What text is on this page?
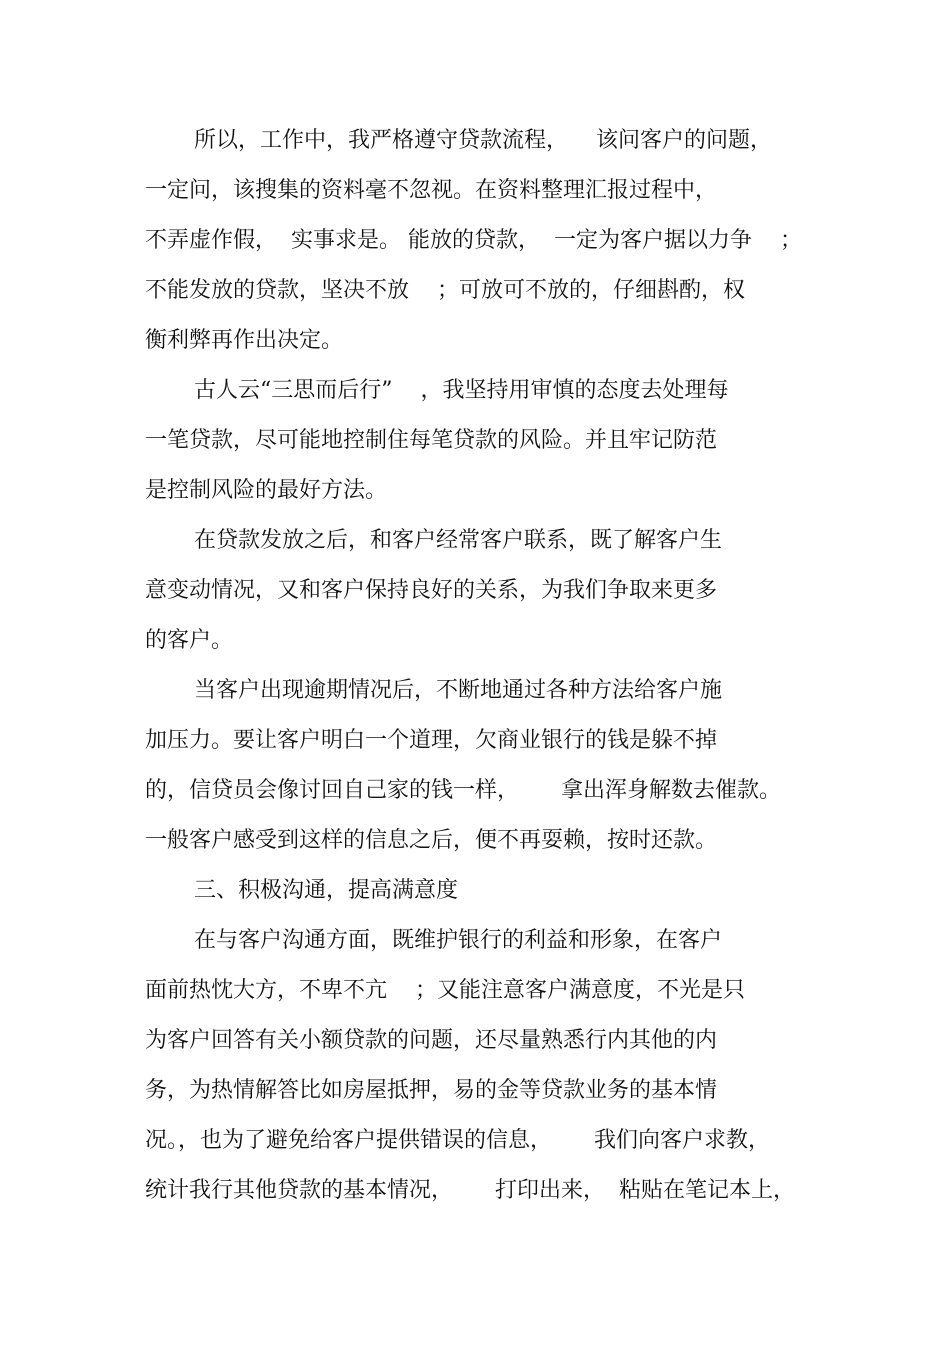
所以，工作中，我严格遵守贷款流程，    该问客户的问题，
一定问，该搜集的资料毫不忽视。在资料整理汇报过程中，
不弄虚作假，  实事求是。 能放的贷款，  一定为客户据以力争    ；
不能发放的贷款，坚决不放    ；可放可不放的，仔细斟酌，权
衡利弊再作出决定。
古人云“三思而后行”    ，我坚持用审慎的态度去处理每
一笔贷款，尽可能地控制住每笔贷款的风险。并且牢记防范
是控制风险的最好方法。
在贷款发放之后，和客户经常客户联系，既了解客户生
意变动情况，又和客户保持良好的关系，为我们争取来更多
的客户。
当客户出现逾期情况后，不断地通过各种方法给客户施
加压力。要让客户明白一个道理，欠商业银行的钱是躲不掉
的，信贷员会像讨回自己家的钱一样，      拿出浑身解数去催款。
一般客户感受到这样的信息之后，便不再耍赖，按时还款。
三、积极沟通，提高满意度
在与客户沟通方面，既维护银行的利益和形象，在客户
面前热忱大方，不卑不亢    ；又能注意客户满意度，不光是只
为客户回答有关小额贷款的问题，还尽量熟悉行内其他的内
务，为热情解答比如房屋抵押，易的金等贷款业务的基本情
况。，也为了避免给客户提供错误的信息，      我们向客户求教，
统计我行其他贷款的基本情况，      打印出来，  粘贴在笔记本上，
